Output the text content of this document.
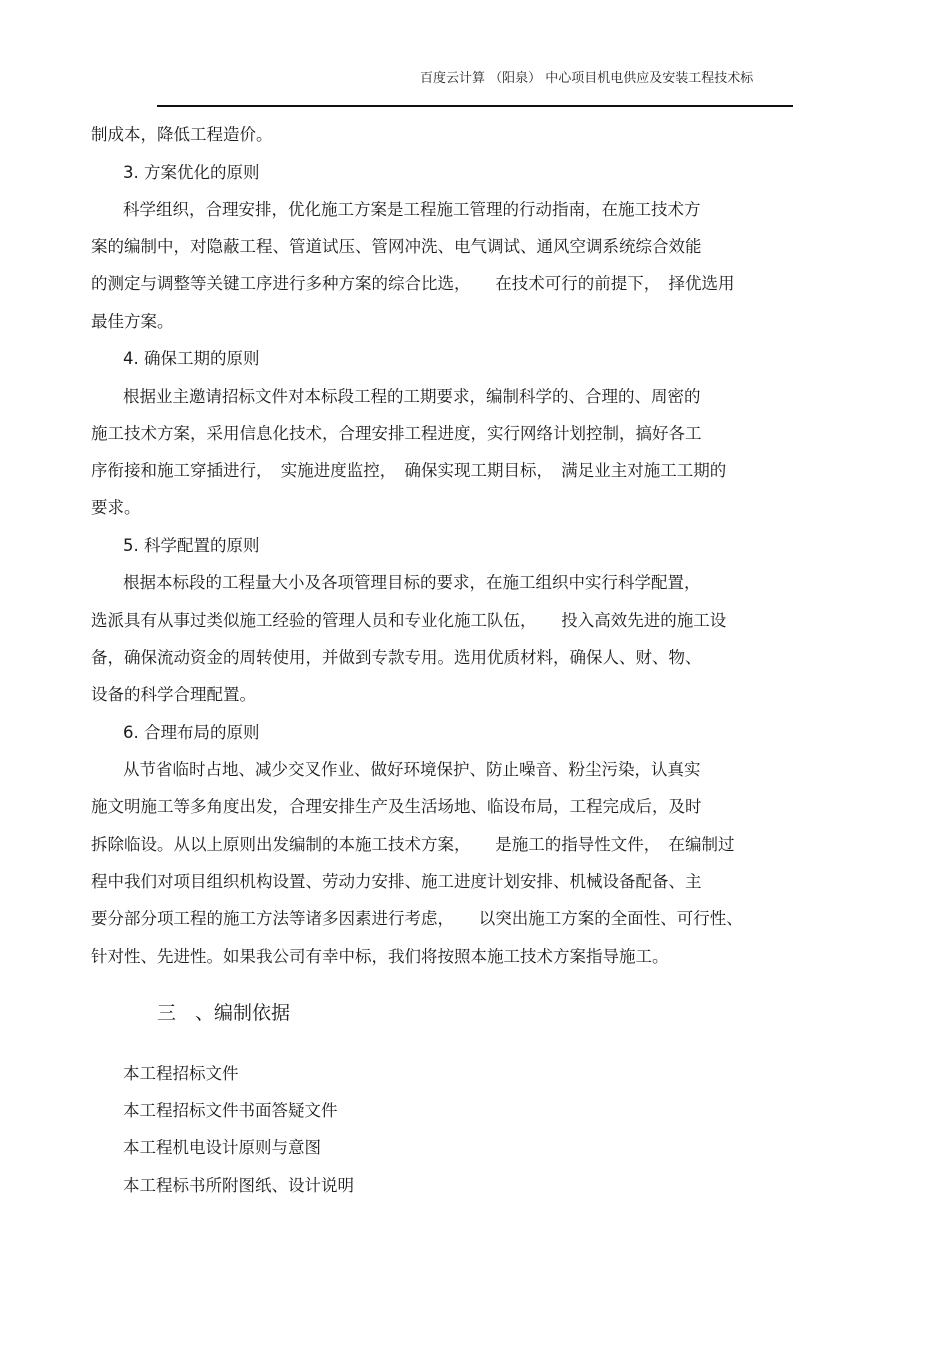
百度云计算 （阳泉） 中心项目机电供应及安装工程技术标
制成本，降低工程造价。
3. 方案优化的原则
科学组织，合理安排，优化施工方案是工程施工管理的行动指南，在施工技术方
案的编制中，对隐蔽工程、管道试压、管网冲洗、电气调试、通风空调系统综合效能
的测定与调整等关键工序进行多种方案的综合比选，　　在技术可行的前提下，　择优选用
最佳方案。
4. 确保工期的原则
根据业主邀请招标文件对本标段工程的工期要求，编制科学的、合理的、周密的
施工技术方案，采用信息化技术，合理安排工程进度，实行网络计划控制，搞好各工
序衔接和施工穿插进行，　实施进度监控，　确保实现工期目标，　满足业主对施工工期的
要求。
5. 科学配置的原则
根据本标段的工程量大小及各项管理目标的要求，在施工组织中实行科学配置，
选派具有从事过类似施工经验的管理人员和专业化施工队伍，　　投入高效先进的施工设
备，确保流动资金的周转使用，并做到专款专用。选用优质材料，确保人、财、物、
设备的科学合理配置。
6. 合理布局的原则
从节省临时占地、减少交叉作业、做好环境保护、防止噪音、粉尘污染，认真实
施文明施工等多角度出发，合理安排生产及生活场地、临设布局，工程完成后，及时
拆除临设。从以上原则出发编制的本施工技术方案，　　是施工的指导性文件，　在编制过
程中我们对项目组织机构设置、劳动力安排、施工进度计划安排、机械设备配备、主
要分部分项工程的施工方法等诸多因素进行考虑，　　以突出施工方案的全面性、可行性、
针对性、先进性。如果我公司有幸中标，我们将按照本施工技术方案指导施工。
三　、编制依据
本工程招标文件
本工程招标文件书面答疑文件
本工程机电设计原则与意图
本工程标书所附图纸、设计说明
